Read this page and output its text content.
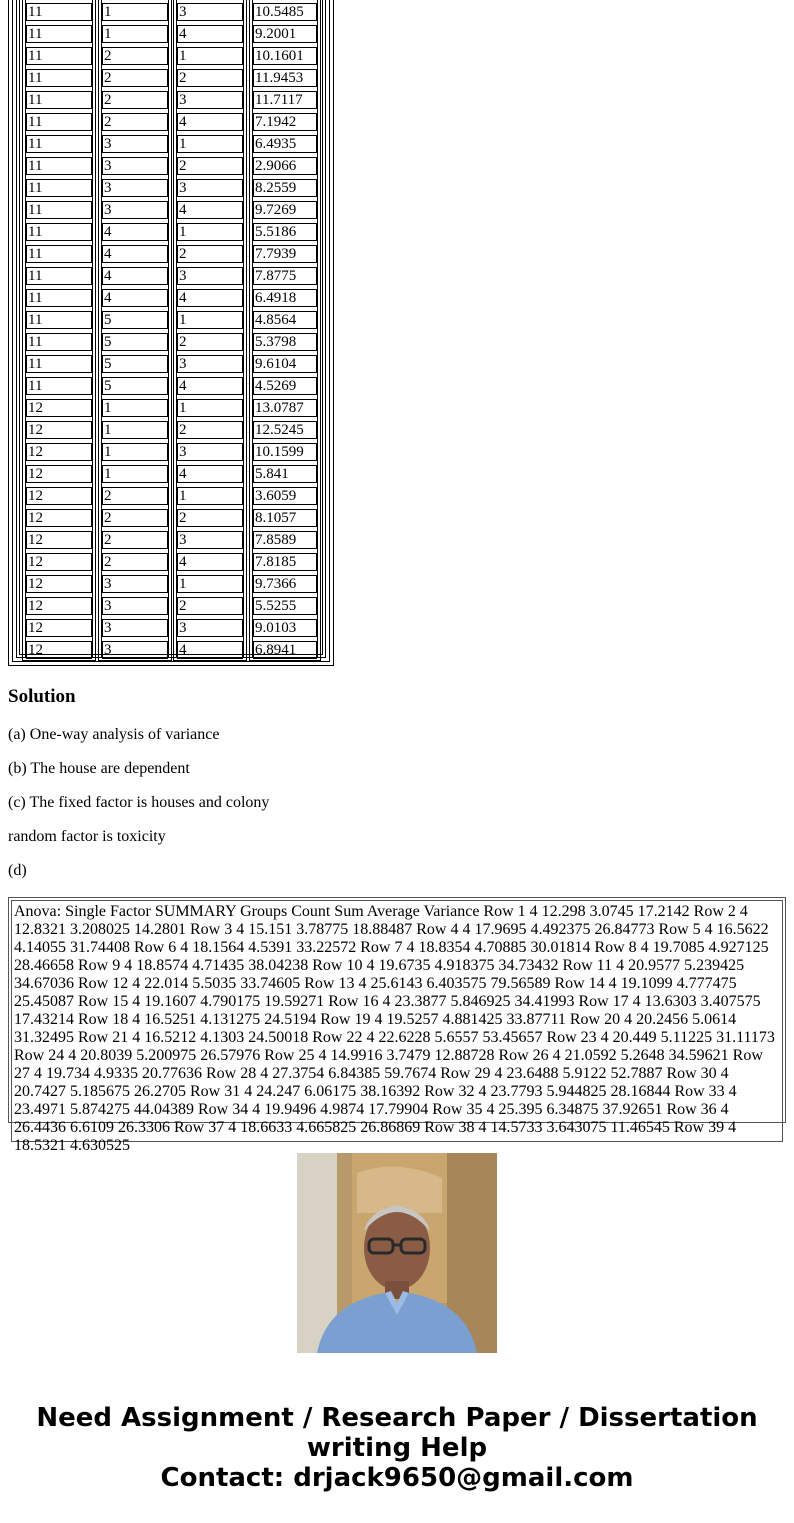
11
11
11
11
11
11
11
11
11
11
11
11
11
11
11
11
11
11
12
12
12
12
12
12
12
12
12
12
12
12
1
1
2
2
2
2
3
3
3
3
4
4
4
4
5
5
5
5
1
1
1
1
2
2
2
2
3
3
3
3
3
4
1
2
3
4
1
2
3
4
1
2
3
4
1
2
3
4
1
2
3
4
1
2
3
4
1
2
3
4
10.5485
9.2001
10.1601
11.9453
11.7117
7.1942
6.4935
2.9066
8.2559
9.7269
5.5186
7.7939
7.8775
6.4918
4.8564
5.3798
9.6104
4.5269
13.0787
12.5245
10.1599
5.841
3.6059
8.1057
7.8589
7.8185
9.7366
5.5255
9.0103
6.8941
Solution

(a) One-way analysis of variance

(b) The house are dependent

(c) The fixed factor is houses and colony

random factor is toxicity

(d)

Anova: Single Factor SUMMARY Groups Count Sum Average Variance Row 1 4 12.298 3.0745 17.2142 Row 2 4 12.8321 3.208025 14.2801 Row 3 4 15.151 3.78775 18.88487 Row 4 4 17.9695 4.492375 26.84773 Row 5 4 16.5622 4.14055 31.74408 Row 6 4 18.1564 4.5391 33.22572 Row 7 4 18.8354 4.70885 30.01814 Row 8 4 19.7085 4.927125 28.46658 Row 9 4 18.8574 4.71435 38.04238 Row 10 4 19.6735 4.918375 34.73432 Row 11 4 20.9577 5.239425 34.67036 Row 12 4 22.014 5.5035 33.74605 Row 13 4 25.6143 6.403575 79.56589 Row 14 4 19.1099 4.777475 25.45087 Row 15 4 19.1607 4.790175 19.59271 Row 16 4 23.3877 5.846925 34.41993 Row 17 4 13.6303 3.407575 17.43214 Row 18 4 16.5251 4.131275 24.5194 Row 19 4 19.5257 4.881425 33.87711 Row 20 4 20.2456 5.0614 31.32495 Row 21 4 16.5212 4.1303 24.50018 Row 22 4 22.6228 5.6557 53.45657 Row 23 4 20.449 5.11225 31.11173 Row 24 4 20.8039 5.200975 26.57976 Row 25 4 14.9916 3.7479 12.88728 Row 26 4 21.0592 5.2648 34.59621 Row 27 4 19.734 4.9335 20.77636 Row 28 4 27.3754 6.84385 59.7674 Row 29 4 23.6488 5.9122 52.7887 Row 30 4 20.7427 5.185675 26.2705 Row 31 4 24.247 6.06175 38.16392 Row 32 4 23.7793 5.944825 28.16844 Row 33 4 23.4971 5.874275 44.04389 Row 34 4 19.9496 4.9874 17.79904 Row 35 4 25.395 6.34875 37.92651 Row 36 4 26.4436 6.6109 26.3306 Row 37 4 18.6633 4.665825 26.86869 Row 38 4 14.5733 3.643075 11.46545 Row 39 4 18.5321 4.630525

Need Assignment / Research Paper / Dissertation
writing Help
Contact: drjack9650@gmail.com
